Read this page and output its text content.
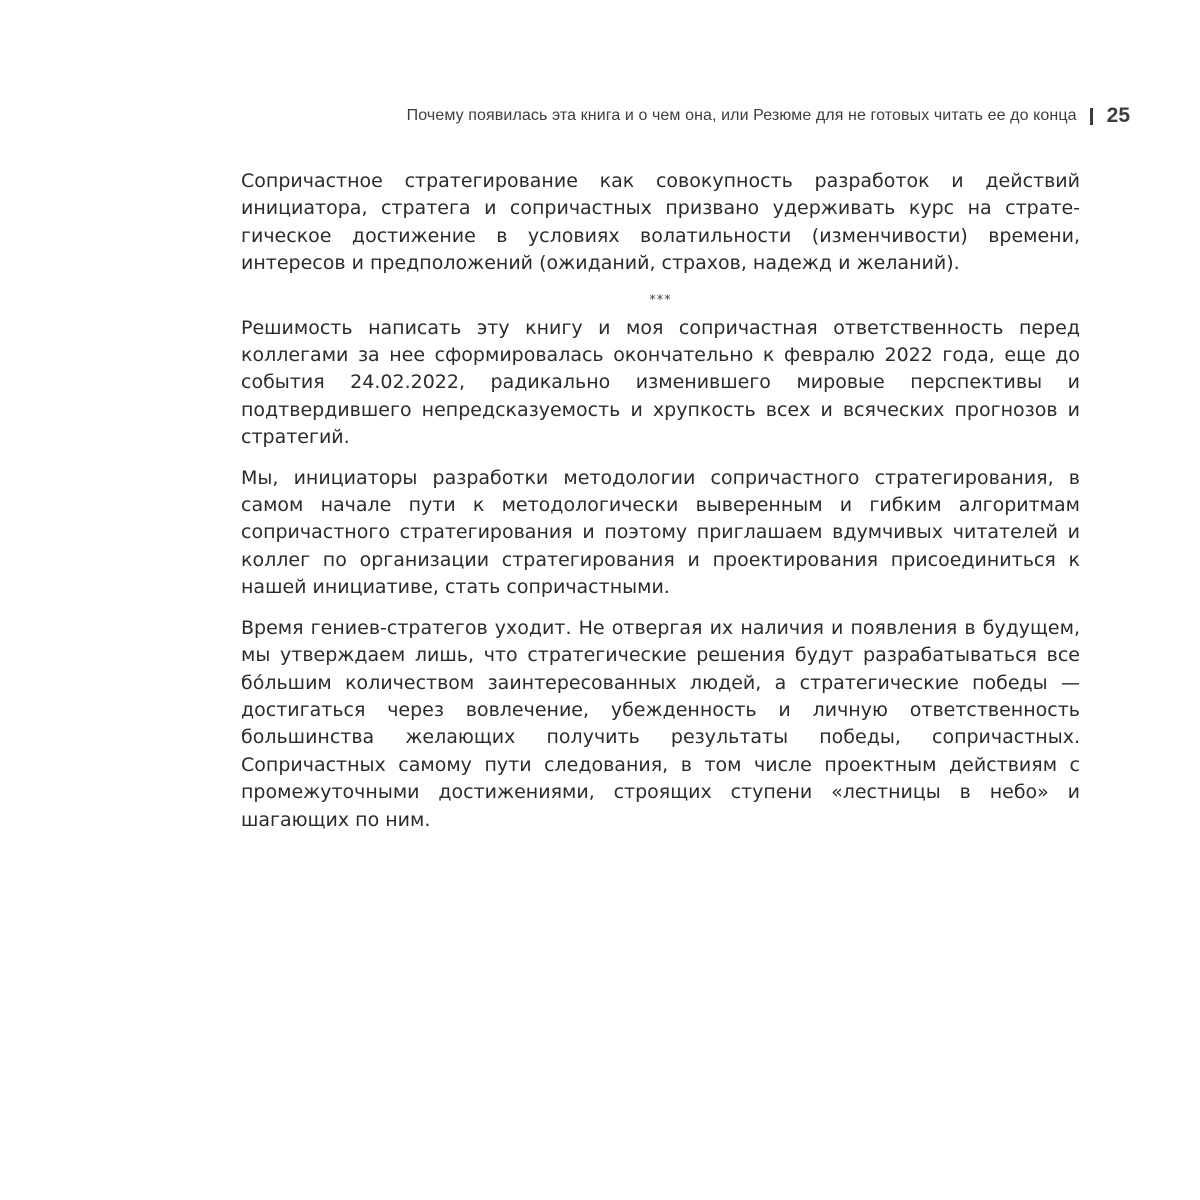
Почему появилась эта книга и о чем она, или Резюме для не готовых читать ее до конца 25

Сопричастное стратегирование как совокупность разработок и действий инициатора, стратега и сопричастных призвано удерживать курс на стратегическое достижение в условиях волатильности (изменчивости) времени, интересов и предположений (ожиданий, страхов, надежд и желаний).

***

Решимость написать эту книгу и моя сопричастная ответственность перед коллегами за нее сформировалась окончательно к февралю 2022 года, еще до события 24.02.2022, радикально изменившего мировые перспективы и подтвердившего непредсказуемость и хрупкость всех и всяческих прогнозов и стратегий.

Мы, инициаторы разработки методологии сопричастного стратегирования, в самом начале пути к методологически выверенным и гибким алгоритмам сопричастного стратегирования и поэтому приглашаем вдумчивых читателей и коллег по организации стратегирования и проектирования присоединиться к нашей инициативе, стать сопричастными.

Время гениев-стратегов уходит. Не отвергая их наличия и появления в будущем, мы утверждаем лишь, что стратегические решения будут разрабатываться все бóльшим количеством заинтересованных людей, а стратегические победы — достигаться через вовлечение, убежденность и личную ответственность большинства желающих получить результаты победы, сопричастных. Сопричастных самому пути следования, в том числе проектным действиям с промежуточными достижениями, строящих ступени «лестницы в небо» и шагающих по ним.
